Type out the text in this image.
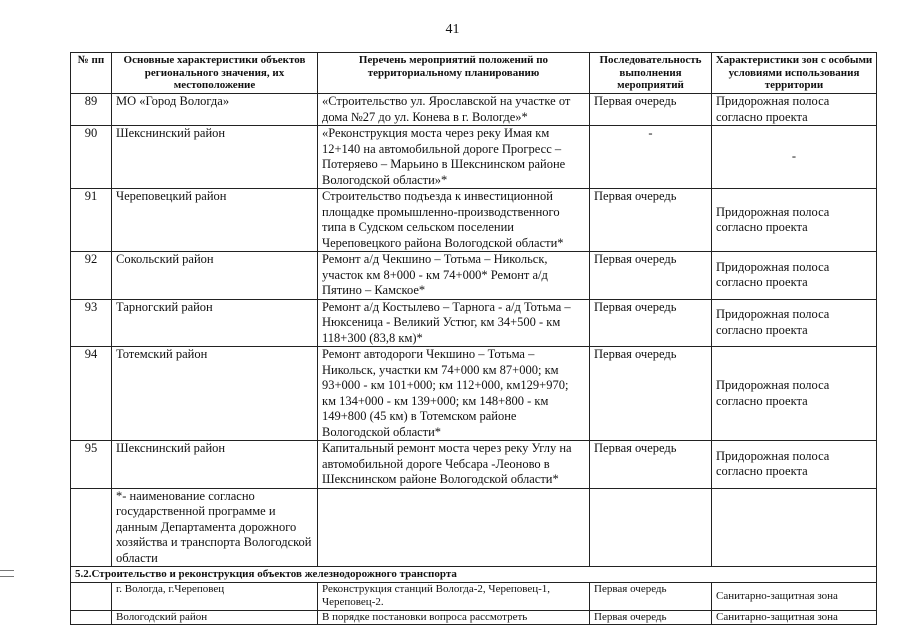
41
№ пп	Основные характеристики объектов регионального значения, их местоположение	Перечень мероприятий положений по территориальному планированию	Последовательность выполнения мероприятий	Характеристики зон с особыми условиями использования территории
89	МО «Город Вологда»	«Строительство ул. Ярославской на участке от дома №27 до ул. Конева в г. Вологде»*	Первая очередь	Придорожная полоса согласно проекта
90	Шекснинский район	«Реконструкция моста через реку Имая км 12+140 на автомобильной дороге Прогресс – Потеряево – Марьино в Шекснинском районе Вологодской области»*	-	-
91	Череповецкий район	Строительство подъезда к инвестиционной площадке промышленно-производственного типа в Судском сельском поселении Череповецкого района Вологодской области*	Первая очередь	Придорожная полоса согласно проекта
92	Сокольский район	Ремонт а/д Чекшино – Тотьма – Никольск, участок км 8+000 - км 74+000* Ремонт а/д Пятино – Камское*	Первая очередь	Придорожная полоса согласно проекта
93	Тарногский район	Ремонт а/д Костылево – Тарнога - а/д Тотьма – Нюксеница - Великий Устюг, км 34+500 - км 118+300 (83,8 км)*	Первая очередь	Придорожная полоса согласно проекта
94	Тотемский район	Ремонт автодороги Чекшино – Тотьма – Никольск, участки км 74+000 км 87+000; км 93+000 - км 101+000; км 112+000, км129+970; км 134+000 - км 139+000; км 148+800 - км 149+800 (45 км) в Тотемском районе Вологодской области*	Первая очередь	Придорожная полоса согласно проекта
95	Шекснинский район	Капитальный ремонт моста через реку Углу на автомобильной дороге Чебсара -Леоново в Шекснинском районе Вологодской области*	Первая очередь	Придорожная полоса согласно проекта
	*- наименование согласно государственной программе и данным Департамента дорожного хозяйства и транспорта Вологодской области			
5.2.Строительство и реконструкция объектов железнодорожного транспорта				
	г. Вологда, г.Череповец	Реконструкция станций Вологда-2, Череповец-1, Череповец-2.	Первая очередь	Санитарно-защитная зона
	Вологодский район	В порядке постановки вопроса рассмотреть	Первая очередь	Санитарно-защитная зона
